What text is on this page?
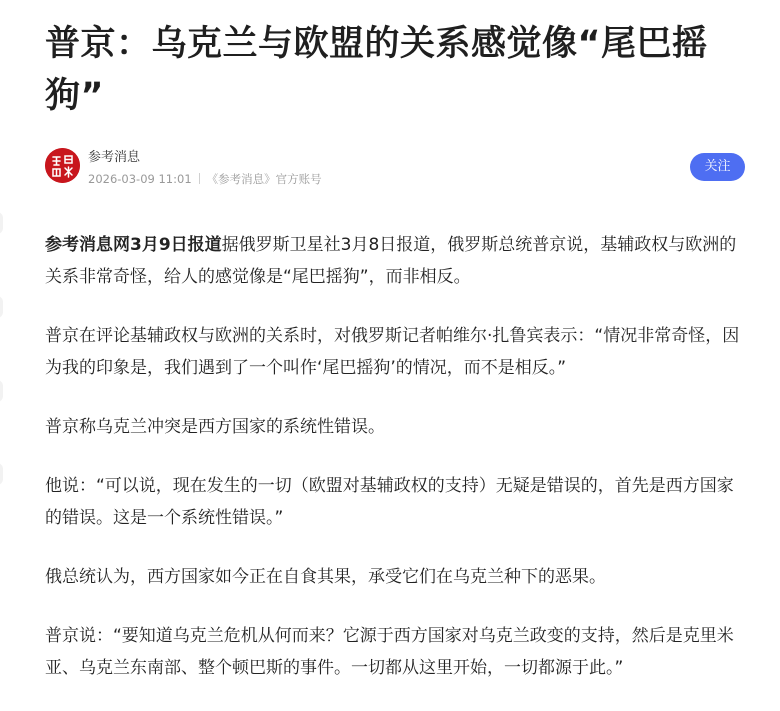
普京：乌克兰与欧盟的关系感觉像“尾巴摇狗”
参考消息
2026-03-09 11:01 《参考消息》官方账号
关注

参考消息网3月9日报道据俄罗斯卫星社3月8日报道，俄罗斯总统普京说，基辅政权与欧洲的关系非常奇怪，给人的感觉像是“尾巴摇狗”，而非相反。

普京在评论基辅政权与欧洲的关系时，对俄罗斯记者帕维尔·扎鲁宾表示：“情况非常奇怪，因为我的印象是，我们遇到了一个叫作‘尾巴摇狗’的情况，而不是相反。”

普京称乌克兰冲突是西方国家的系统性错误。

他说：“可以说，现在发生的一切（欧盟对基辅政权的支持）无疑是错误的，首先是西方国家的错误。这是一个系统性错误。”

俄总统认为，西方国家如今正在自食其果，承受它们在乌克兰种下的恶果。

普京说：“要知道乌克兰危机从何而来？它源于西方国家对乌克兰政变的支持，然后是克里米亚、乌克兰东南部、整个顿巴斯的事件。一切都从这里开始，一切都源于此。”
